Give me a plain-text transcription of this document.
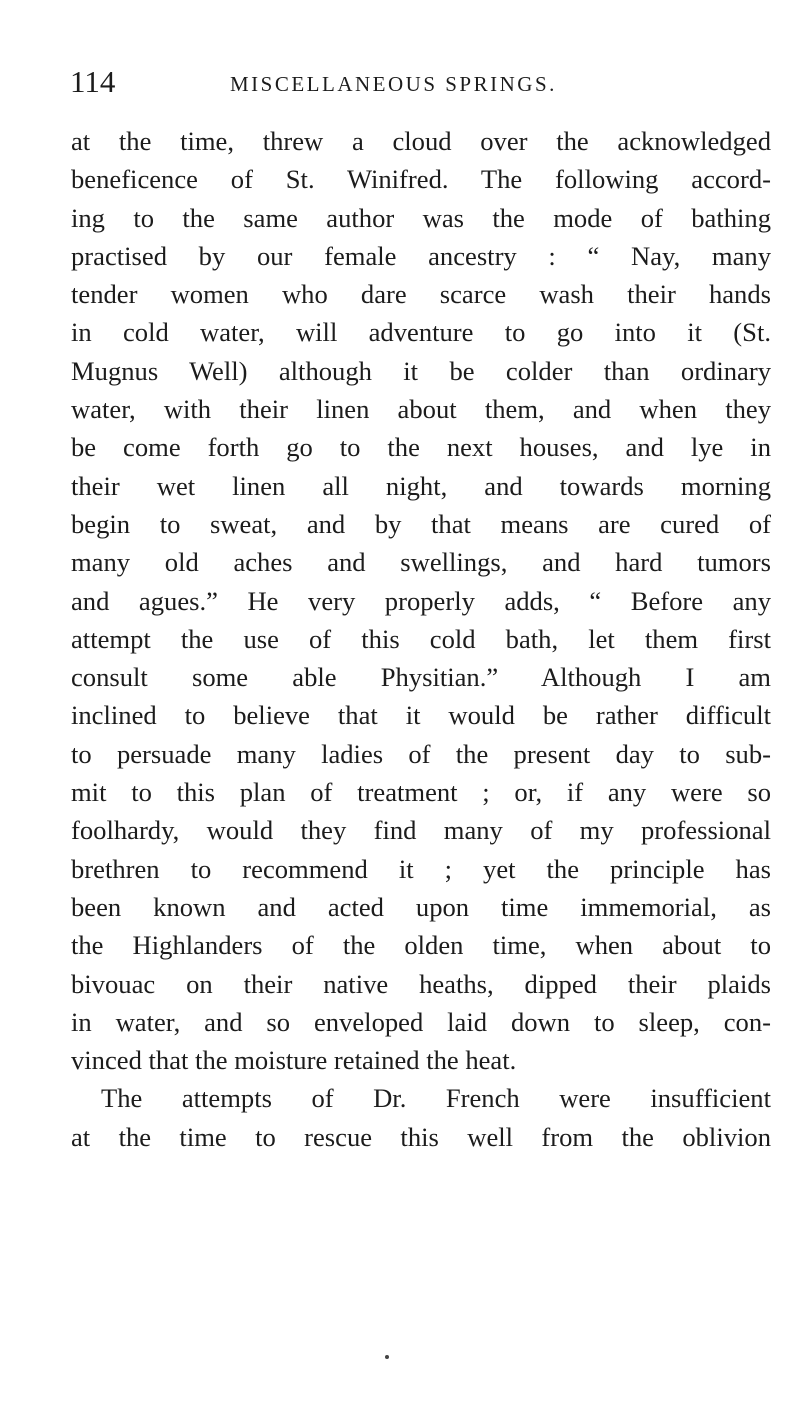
114	MISCELLANEOUS SPRINGS.
at the time, threw a cloud over the acknowledged
beneficence of St. Winifred. The following accord-
ing to the same author was the mode of bathing
practised by our female ancestry : “ Nay, many
tender women who dare scarce wash their hands
in cold water, will adventure to go into it (St.
Mugnus Well) although it be colder than ordinary
water, with their linen about them, and when they
be come forth go to the next houses, and lye in
their wet linen all night, and towards morning
begin to sweat, and by that means are cured of
many old aches and swellings, and hard tumors
and agues.” He very properly adds, “ Before any
attempt the use of this cold bath, let them first
consult some able Physitian.” Although I am
inclined to believe that it would be rather difficult
to persuade many ladies of the present day to sub-
mit to this plan of treatment ; or, if any were so
foolhardy, would they find many of my professional
brethren to recommend it ; yet the principle has
been known and acted upon time immemorial, as
the Highlanders of the olden time, when about to
bivouac on their native heaths, dipped their plaids
in water, and so enveloped laid down to sleep, con-
vinced that the moisture retained the heat.
The attempts of Dr. French were insufficient
at the time to rescue this well from the oblivion
